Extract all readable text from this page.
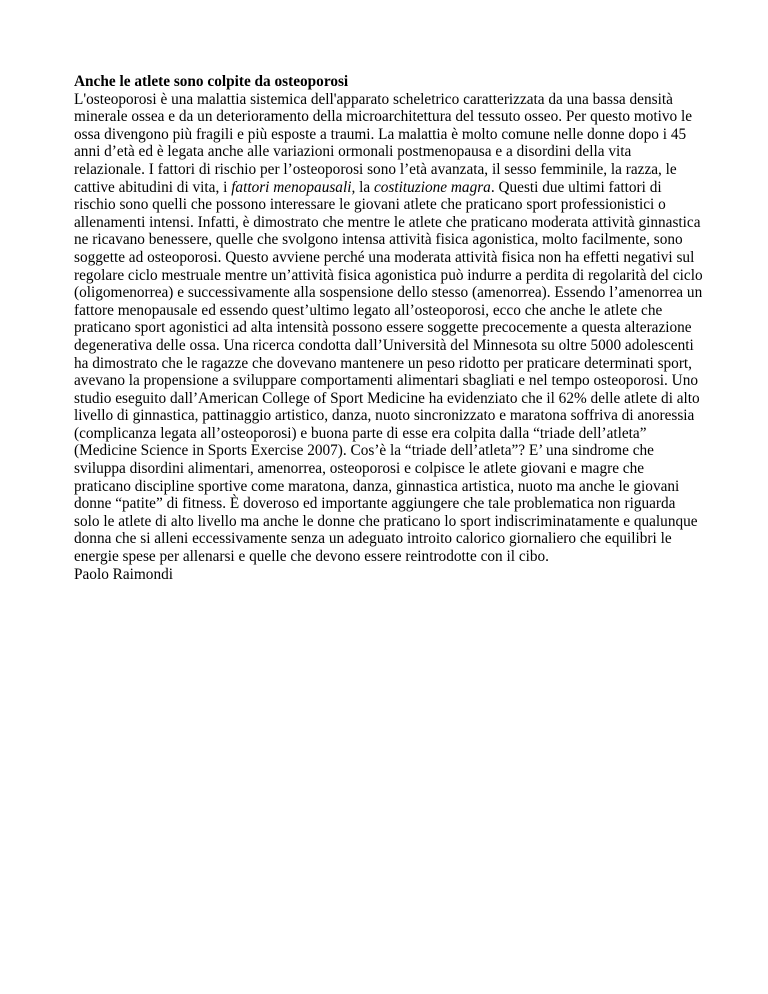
Anche le atlete sono colpite da osteoporosi

L'osteoporosi è una malattia sistemica dell'apparato scheletrico caratterizzata da una bassa densità minerale ossea e da un deterioramento della microarchitettura del tessuto osseo. Per questo motivo le ossa divengono più fragili e più esposte a traumi. La malattia è molto comune nelle donne dopo i 45 anni d’età ed è legata anche alle variazioni ormonali postmenopausa e a disordini della vita relazionale. I fattori di rischio per l’osteoporosi sono l’età avanzata, il sesso femminile, la razza, le cattive abitudini di vita, i fattori menopausali, la costituzione magra. Questi due ultimi fattori di rischio sono quelli che possono interessare le giovani atlete che praticano sport professionistici o allenamenti intensi. Infatti, è dimostrato che mentre le atlete che praticano moderata attività ginnastica ne ricavano benessere, quelle che svolgono intensa attività fisica agonistica, molto facilmente, sono soggette ad osteoporosi. Questo avviene perché una moderata attività fisica non ha effetti negativi sul regolare ciclo mestruale mentre un’attività fisica agonistica può indurre a perdita di regolarità del ciclo (oligomenorrea) e successivamente alla sospensione dello stesso (amenorrea). Essendo l’amenorrea un fattore menopausale ed essendo quest’ultimo legato all’osteoporosi, ecco che anche le atlete che praticano sport agonistici ad alta intensità possono essere soggette precocemente a questa alterazione degenerativa delle ossa. Una ricerca condotta dall’Università del Minnesota su oltre 5000 adolescenti ha dimostrato che le ragazze che dovevano mantenere un peso ridotto per praticare determinati sport, avevano la propensione a sviluppare comportamenti alimentari sbagliati e nel tempo osteoporosi. Uno studio eseguito dall’American College of Sport Medicine ha evidenziato che il 62% delle atlete di alto livello di ginnastica, pattinaggio artistico, danza, nuoto sincronizzato e maratona soffriva di anoressia (complicanza legata all’osteoporosi) e buona parte di esse era colpita dalla “triade dell’atleta” (Medicine Science in Sports Exercise 2007). Cos’è la “triade dell’atleta”? E’ una sindrome che sviluppa disordini alimentari, amenorrea, osteoporosi e colpisce le atlete giovani e magre che praticano discipline sportive come maratona, danza, ginnastica artistica, nuoto ma anche le giovani donne “patite” di fitness. È doveroso ed importante aggiungere che tale problematica non riguarda solo le atlete di alto livello ma anche le donne che praticano lo sport indiscriminatamente e qualunque donna che si alleni eccessivamente senza un adeguato introito calorico giornaliero che equilibri le energie spese per allenarsi e quelle che devono essere reintrodotte con il cibo.

Paolo Raimondi
